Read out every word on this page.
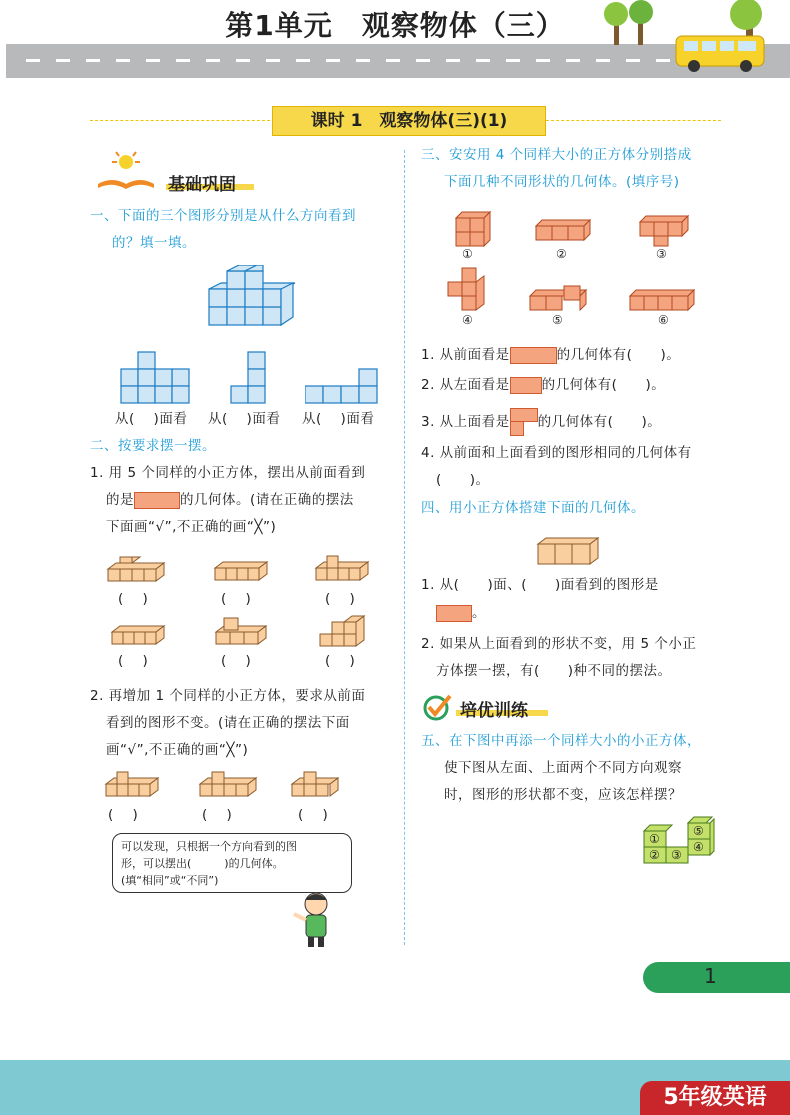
第1单元　观察物体（三）
课时 1　观察物体(三)(1)
基础巩固
一、下面的三个图形分别是从什么方向看到
的？填一填。
从(　 )面看 从(　 )面看 从(　 )面看
二、按要求摆一摆。
1. 用 5 个同样的小正方体，摆出从前面看到
的是	的几何体。(请在正确的摆法
下面画“√”,不正确的画“╳”)
(　 )	(　 )	(　 )
(　 )	(　 )	(　 )
2. 再增加 1 个同样的小正方体，要求从前面
看到的图形不变。(请在正确的摆法下面
画“√”,不正确的画“╳”)
(　 )	(　 )	(　 )
可以发现，只根据一个方向看到的图
形，可以摆出(　　　)的几何体。
(填“相同”或“不同”)
三、安安用 4 个同样大小的正方体分别搭成
下面几种不同形状的几何体。(填序号)
①	②	③
④	⑤	⑥
1. 从前面看是	的几何体有(　　)。
2. 从左面看是 的几何体有(　　)。
3. 从上面看是 的几何体有(　　)。
4. 从前面和上面看到的图形相同的几何体有
(　　)。
四、用小正方体搭建下面的几何体。
1. 从(　　)面、(　　)面看到的图形是
。
2. 如果从上面看到的形状不变，用 5 个小正
方体摆一摆，有(　　)种不同的摆法。
培优训练
五、在下图中再添一个同样大小的小正方体，
使下图从左面、上面两个不同方向观察
时，图形的形状都不变，应该怎样摆？
①
② ③
④
⑤
1
5年级英语
